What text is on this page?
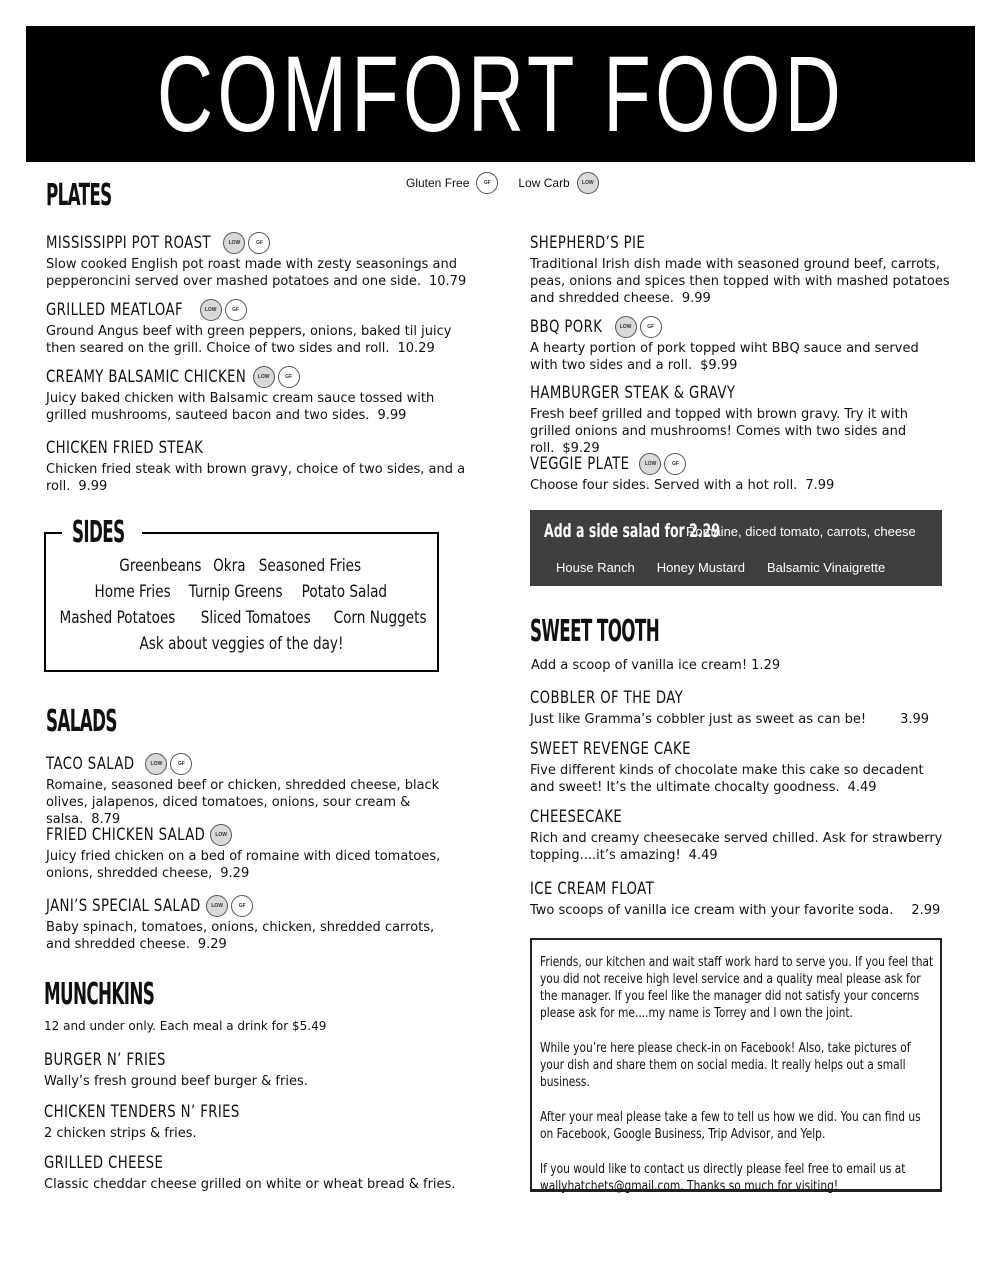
COMFORT FOOD
Gluten Free	GF	Low Carb
LOW
PLATES
MISSISSIPPI POT ROAST LOW	GF
Slow cooked English pot roast made with zesty seasonings and pepperoncini served over mashed potatoes and one side. 10.79
GRILLED MEATLOAF LOW	GF
Ground Angus beef with green peppers, onions, baked til juicy then seared on the grill. Choice of two sides and roll. 10.29
CREAMY BALSAMIC CHICKEN LOW	GF
Juicy baked chicken with Balsamic cream sauce tossed with grilled mushrooms, sauteed bacon and two sides. 9.99
CHICKEN FRIED STEAK
Chicken fried steak with brown gravy, choice of two sides, and a roll. 9.99
SIDES
Greenbeans Okra Seasoned Fries
Home Fries Turnip Greens Potato Salad
Mashed Potatoes Sliced Tomatoes Corn Nuggets
Ask about veggies of the day!
SALADS
TACO SALAD LOW	GF
Romaine, seasoned beef or chicken, shredded cheese, black olives, jalapenos, diced tomatoes, onions, sour cream & salsa. 8.79
FRIED CHICKEN SALAD
LOW
Juicy fried chicken on a bed of romaine with diced tomatoes, onions, shredded cheese, 9.29
JANI’S SPECIAL SALAD LOW	GF
Baby spinach, tomatoes, onions, chicken, shredded carrots, and shredded cheese. 9.29
MUNCHKINS
12 and under only. Each meal a drink for $5.49
BURGER N’ FRIES
Wally’s fresh ground beef burger & fries.
CHICKEN TENDERS N’ FRIES
2 chicken strips & fries.
GRILLED CHEESE
Classic cheddar cheese grilled on white or wheat bread & fries.
SHEPHERD’S PIE
Traditional Irish dish made with seasoned ground beef, carrots, peas, onions and spices then topped with with mashed potatoes and shredded cheese. 9.99
BBQ PORK LOW	GF
A hearty portion of pork topped wiht BBQ sauce and served with two sides and a roll. $9.99
HAMBURGER STEAK & GRAVY
Fresh beef grilled and topped with brown gravy. Try it with grilled onions and mushrooms! Comes with two sides and roll. $9.29
VEGGIE PLATE LOW	GF
Choose four sides. Served with a hot roll. 7.99
Add a side salad for 2.29
Romaine, diced tomato, carrots, cheese
House Ranch Honey Mustard Balsamic Vinaigrette
SWEET TOOTH
Add a scoop of vanilla ice cream! 1.29
COBBLER OF THE DAY
Just like Gramma’s cobbler just as sweet as can be!	3.99
SWEET REVENGE CAKE
Five different kinds of chocolate make this cake so decadent and sweet! It’s the ultimate chocalty goodness. 4.49
CHEESECAKE
Rich and creamy cheesecake served chilled. Ask for strawberry topping....it’s amazing! 4.49
ICE CREAM FLOAT
Two scoops of vanilla ice cream with your favorite soda. 2.99
Friends, our kitchen and wait staff work hard to serve you. If you feel that you did not receive high level service and a quality meal please ask for the manager. If you feel like the manager did not satisfy your concerns please ask for me....my name is Torrey and I own the joint.
While you’re here please check-in on Facebook! Also, take pictures of your dish and share them on social media. It really helps out a small business.
After your meal please take a few to tell us how we did. You can find us on Facebook, Google Business, Trip Advisor, and Yelp.
If you would like to contact us directly please feel free to email us at wallyhatchets@gmail.com. Thanks so much for visiting!
